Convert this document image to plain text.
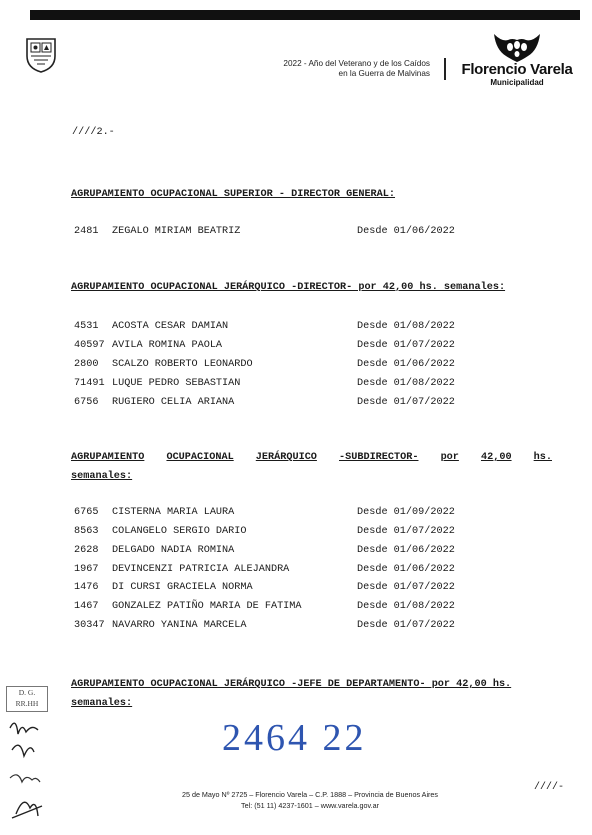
2022 - Año del Veterano y de los Caídos
en la Guerra de Malvinas	Florencio Varela
Municipalidad
////2.-
AGRUPAMIENTO OCUPACIONAL SUPERIOR - DIRECTOR GENERAL:
2481 ZEGALO MIRIAM BEATRIZ	Desde 01/06/2022
AGRUPAMIENTO OCUPACIONAL JERÁRQUICO -DIRECTOR- por 42,00 hs. semanales:
4531 ACOSTA CESAR DAMIAN	Desde 01/08/2022
40597 AVILA ROMINA PAOLA	Desde 01/07/2022
2800 SCALZO ROBERTO LEONARDO	Desde 01/06/2022
71491 LUQUE PEDRO SEBASTIAN	Desde 01/08/2022
6756 RUGIERO CELIA ARIANA	Desde 01/07/2022
AGRUPAMIENTO OCUPACIONAL JERÁRQUICO -SUBDIRECTOR- por 42,00 hs.
semanales:
6765 CISTERNA MARIA LAURA	Desde 01/09/2022
8563 COLANGELO SERGIO DARIO	Desde 01/07/2022
2628 DELGADO NADIA ROMINA	Desde 01/06/2022
1967 DEVINCENZI PATRICIA ALEJANDRA	Desde 01/06/2022
1476 DI CURSI GRACIELA NORMA	Desde 01/07/2022
1467 GONZALEZ PATIÑO MARIA DE FATIMA	Desde 01/08/2022
30347 NAVARRO YANINA MARCELA	Desde 01/07/2022
AGRUPAMIENTO OCUPACIONAL JERÁRQUICO -JEFE DE DEPARTAMENTO- por 42,00 hs.
semanales:
D. G.
RR.HH
2464 22
25 de Mayo Nº 2725 – Florencio Varela – C.P. 1888 – Provincia de Buenos Aires
Tel: (51 11) 4237-1601 – www.varela.gov.ar
////-
